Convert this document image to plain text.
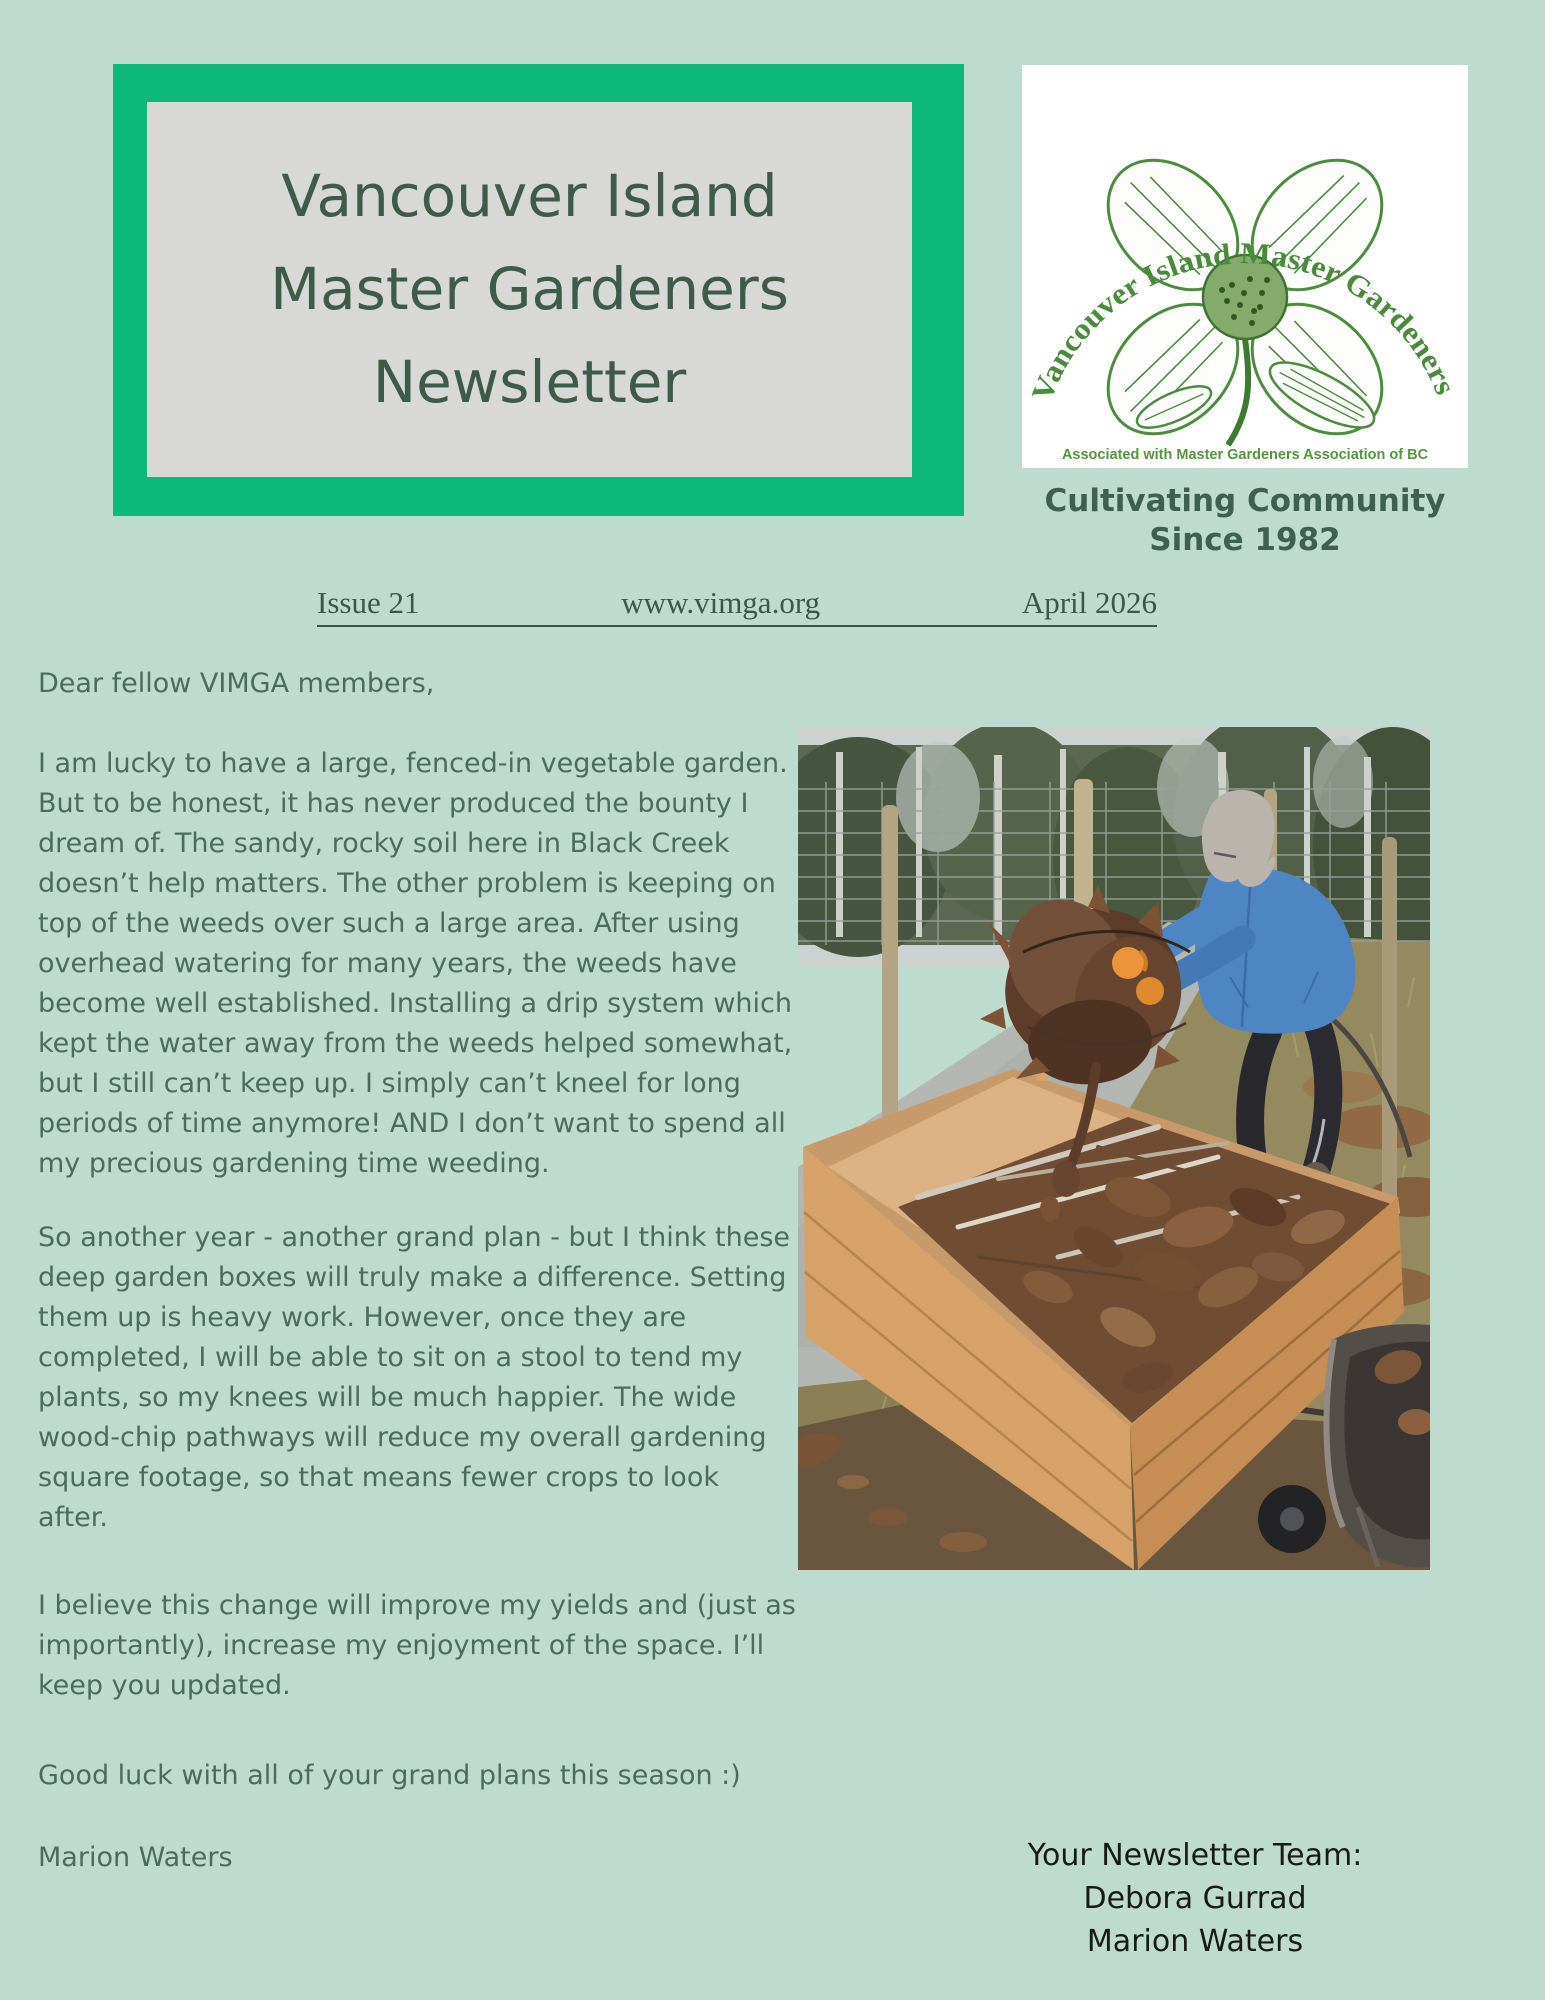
Vancouver Island
Master Gardeners
Newsletter	Vancouver Island Master Gardeners
Associated with Master Gardeners Association of BC
Cultivating Community
Since 1982
Issue 21	www.vimga.org	April 2026

Dear fellow VIMGA members,

I am lucky to have a large, fenced-in vegetable garden. But to be honest, it has never produced the bounty I dream of. The sandy, rocky soil here in Black Creek doesn’t help matters. The other problem is keeping on top of the weeds over such a large area. After using overhead watering for many years, the weeds have become well established. Installing a drip system which kept the water away from the weeds helped somewhat, but I still can’t keep up. I simply can’t kneel for long periods of time anymore! AND I don’t want to spend all my precious gardening time weeding.

So another year - another grand plan - but I think these deep garden boxes will truly make a difference. Setting them up is heavy work. However, once they are completed, I will be able to sit on a stool to tend my plants, so my knees will be much happier. The wide wood-chip pathways will reduce my overall gardening square footage, so that means fewer crops to look after.

I believe this change will improve my yields and (just as importantly), increase my enjoyment of the space. I’ll keep you updated.

Good luck with all of your grand plans this season :)

Marion Waters	Your Newsletter Team:
Debora Gurrad
Marion Waters
